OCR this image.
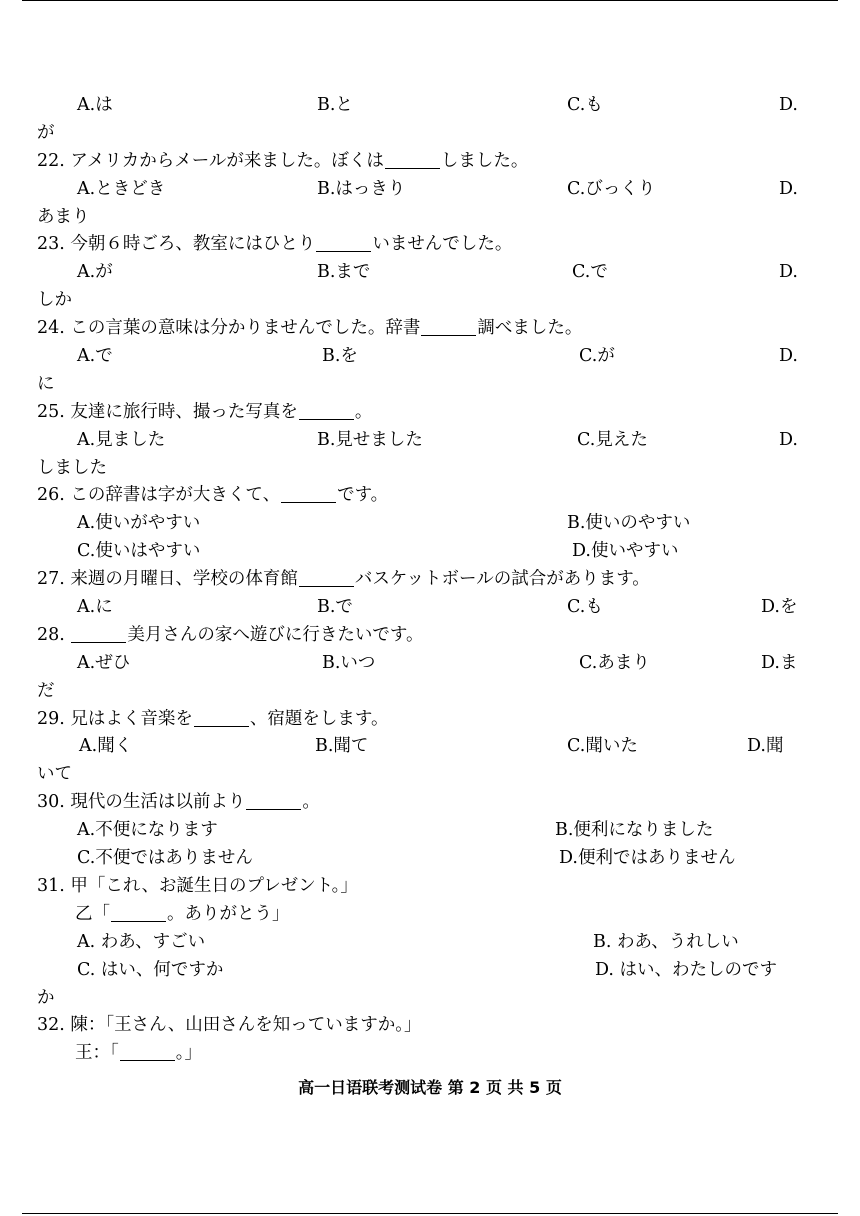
A.は	B.と	C.も	D.
が
22. アメリカからメールが来ました。ぼくは	しました。
A.ときどき	B.はっきり	C.びっくり	D.
あまり
23. 今朝６時ごろ、教室にはひとり	いませんでした。
A.が	B.まで	C.で	D.
しか
24. この言葉の意味は分かりませんでした。辞書	調べました。
A.で	B.を	C.が	D.
に
25. 友達に旅行時、撮った写真を	。
A.見ました	B.見せました	C.見えた	D.
しました
26. この辞書は字が大きくて、	です。
A.使いがやすい	B.使いのやすい
C.使いはやすい	D.使いやすい
27. 来週の月曜日、学校の体育館	バスケットボールの試合があります。
A.に	B.で	C.も	D.を
28.	美月さんの家へ遊びに行きたいです。
A.ぜひ	B.いつ	C.あまり	D.ま
だ
29. 兄はよく音楽を	、宿題をします。
A.聞く	B.聞て	C.聞いた	D.聞
いて
30. 現代の生活は以前より	。
A.不便になります	B.便利になりました
C.不便ではありません	D.便利ではありません
31. 甲「これ、お誕生日のプレゼント。」
乙「	。ありがとう」
A. わあ、すごい	B. わあ、うれしい
C. はい、何ですか	D. はい、わたしのです
か
32. 陳：「王さん、山田さんを知っていますか。」
王：「	。」
高一日语联考测试卷 第 2 页 共 5 页
